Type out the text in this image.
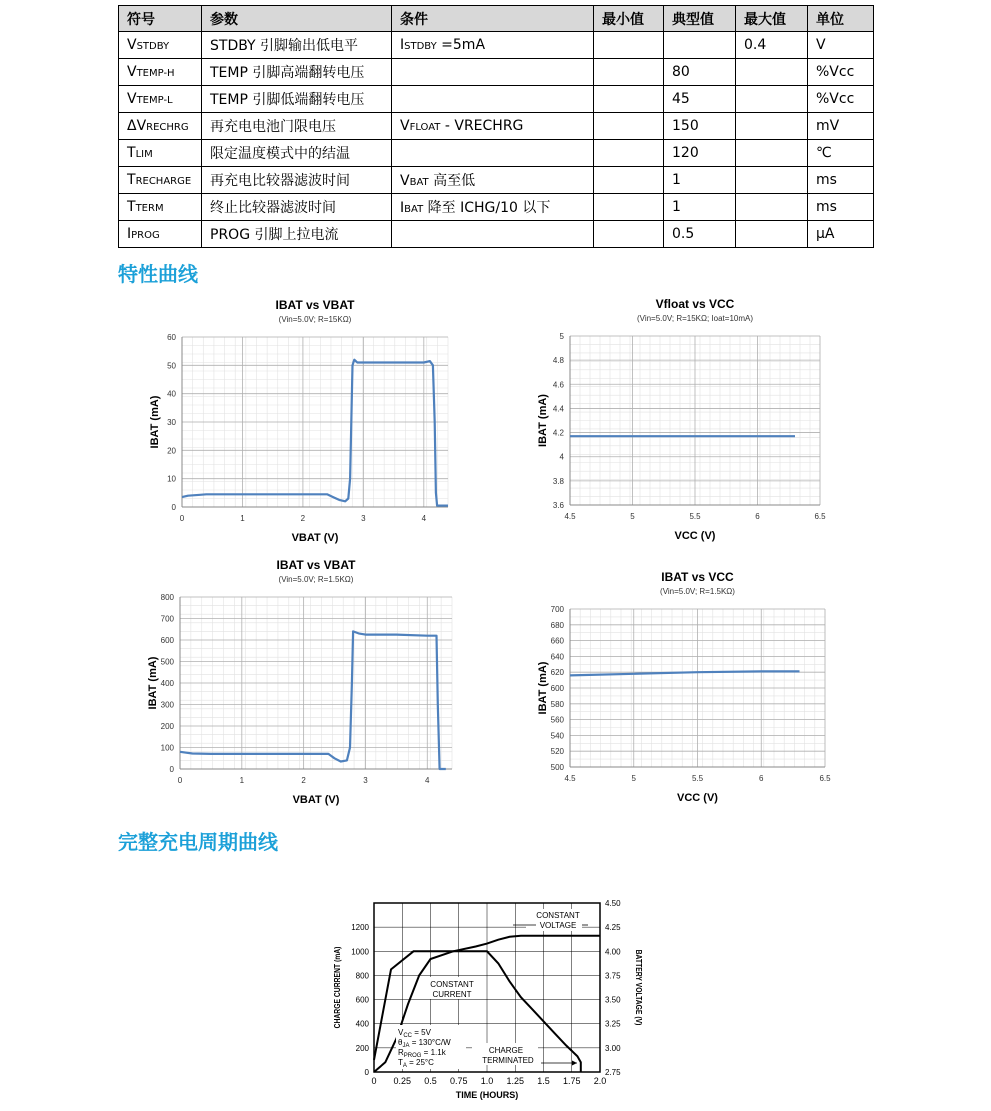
符号	参数	条件	最小值	典型值	最大值	单位
VSTDBY	STDBY 引脚输出低电平	ISTDBY =5mA			0.4	V
VTEMP-H	TEMP 引脚高端翻转电压			80		%Vcc
VTEMP-L	TEMP 引脚低端翻转电压			45		%Vcc
ΔVRECHRG	再充电电池门限电压	VFLOAT - VRECHRG		150		mV
TLIM	限定温度模式中的结温			120		℃
TRECHARGE	再充电比较器滤波时间	VBAT 高至低		1		ms
TTERM	终止比较器滤波时间	IBAT 降至 ICHG/10 以下		1		ms
IPROG	PROG 引脚上拉电流			0.5		μA
特性曲线
完整充电周期曲线
0
10
20
30
40
50
60
0	1	2	3	4
IBAT vs VBAT
(Vin=5.0V; R=15KΩ)
VBAT (V)
IBAT (mA)
3.6
3.8
4
4.2
4.4
4.6
4.8
5
4.5	5	5.5	6	6.5
Vfloat vs VCC
(Vin=5.0V; R=15KΩ; Ioat=10mA)
VCC (V)
IBAT (mA)
0
100
200
300
400
500
600
700
800
0	1	2	3	4
IBAT vs VBAT
(Vin=5.0V; R=1.5KΩ)
VBAT (V)
IBAT (mA)
500
520
540
560
580
600
620
640
660
680
700
4.5	5	5.5	6	6.5
IBAT vs VCC
(Vin=5.0V; R=1.5KΩ)
VCC (V)
IBAT (mA)
0 0.25 0.5 0.75 1.0 1.25 1.5 1.75 2.0
0
200
400
600
800
1000
1200
2.75
3.00
3.25
3.50
3.75
4.00
4.25
4.50
TIME (HOURS)
CHARGE CURRENT (mA)	BATTERY VOLTAGE (V)
CONSTANT
VOLTAGE
CONSTANT
CURRENT
CHARGE
TERMINATED
$V_{CC} = 5V$
$\theta_{JA} = 130^\circ C/W$
$R_{PROG} = 1.1k$
$T_A = 25^\circ C$
